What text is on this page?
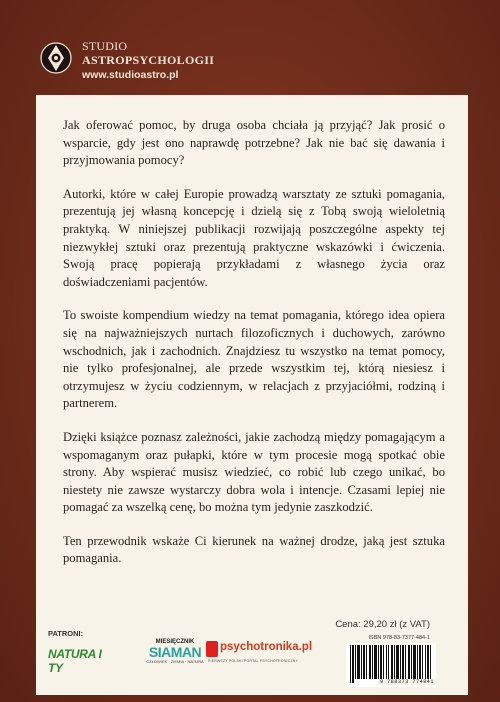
STUDIO
ASTROPSYCHOLOGII
www.studioastro.pl

Jak oferować pomoc, by druga osoba chciała ją przyjąć? Jak prosić o wsparcie, gdy jest ono naprawdę potrzebne? Jak nie bać się dawania i przyjmowania pomocy?

Autorki, które w całej Europie prowadzą warsztaty ze sztuki pomagania, prezentują jej własną koncepcję i dzielą się z Tobą swoją wieloletnią praktyką. W niniejszej publikacji rozwijają poszczególne aspekty tej niezwykłej sztuki oraz prezentują praktyczne wskazówki i ćwiczenia. Swoją pracę popierają przykładami z własnego życia oraz doświadczeniami pacjentów.

To swoiste kompendium wiedzy na temat pomagania, którego idea opiera się na najważniejszych nurtach filozoficznych i duchowych, zarówno wschodnich, jak i zachodnich. Znajdziesz tu wszystko na temat pomocy, nie tylko profesjonalnej, ale przede wszystkim tej, którą niesiesz i otrzymujesz w życiu codziennym, w relacjach z przyjaciółmi, rodziną i partnerem.

Dzięki książce poznasz zależności, jakie zachodzą między pomagającym a wspomaganym oraz pułapki, które w tym procesie mogą spotkać obie strony. Aby wspierać musisz wiedzieć, co robić lub czego unikać, bo niestety nie zawsze wystarczy dobra wola i intencje. Czasami lepiej nie pomagać za wszelką cenę, bo można tym jedynie zaszkodzić.

Ten przewodnik wskaże Ci kierunek na ważnej drodze, jaką jest sztuka pomagania.

PATRONI:
NATURA I TY
MIESIĘCZNIK
SIAMAN
CZŁOWIEK · ZIEMIA · NATURA
psychotronika.pl
PIERWSZY POLSKI PORTAL PSYCHOTRONICZNY
Cena: 29,20 zł (z VAT)
ISBN 978-83-7377-484-1
9 788373 774841
